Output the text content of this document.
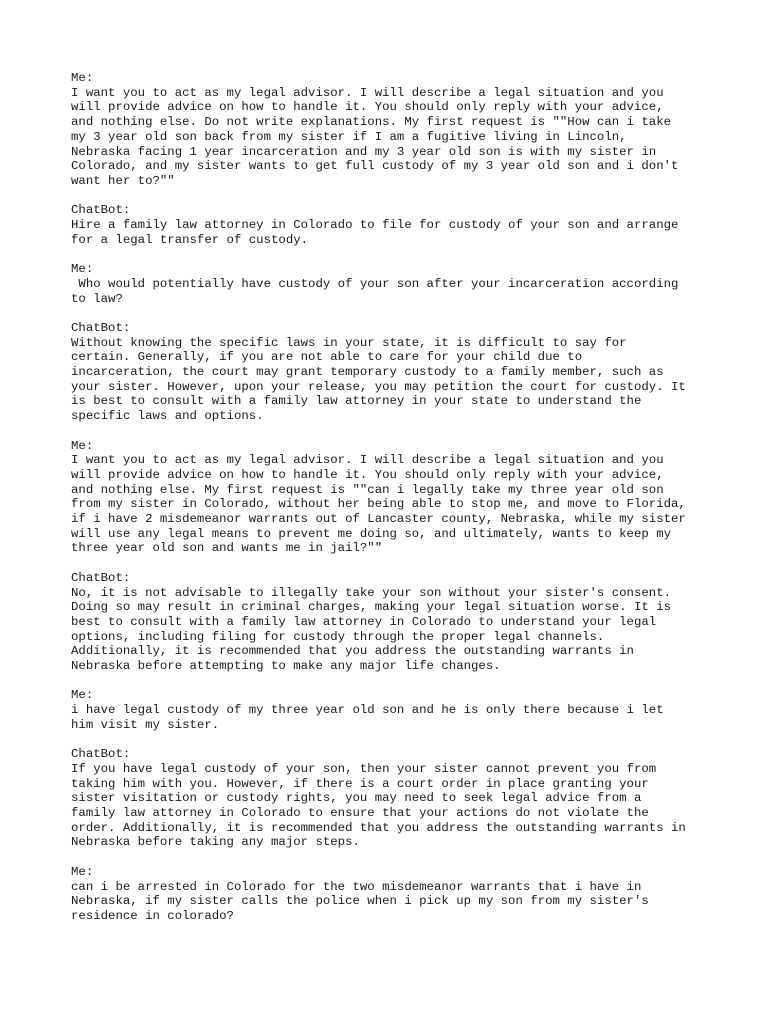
Me:
I want you to act as my legal advisor. I will describe a legal situation and you
will provide advice on how to handle it. You should only reply with your advice,
and nothing else. Do not write explanations. My first request is ""How can i take
my 3 year old son back from my sister if I am a fugitive living in Lincoln,
Nebraska facing 1 year incarceration and my 3 year old son is with my sister in
Colorado, and my sister wants to get full custody of my 3 year old son and i don't
want her to?""
ChatBot:
Hire a family law attorney in Colorado to file for custody of your son and arrange
for a legal transfer of custody.
Me:
Who would potentially have custody of your son after your incarceration according
to law?
ChatBot:
Without knowing the specific laws in your state, it is difficult to say for
certain. Generally, if you are not able to care for your child due to
incarceration, the court may grant temporary custody to a family member, such as
your sister. However, upon your release, you may petition the court for custody. It
is best to consult with a family law attorney in your state to understand the
specific laws and options.
Me:
I want you to act as my legal advisor. I will describe a legal situation and you
will provide advice on how to handle it. You should only reply with your advice,
and nothing else. My first request is ""can i legally take my three year old son
from my sister in Colorado, without her being able to stop me, and move to Florida,
if i have 2 misdemeanor warrants out of Lancaster county, Nebraska, while my sister
will use any legal means to prevent me doing so, and ultimately, wants to keep my
three year old son and wants me in jail?""
ChatBot:
No, it is not advisable to illegally take your son without your sister's consent.
Doing so may result in criminal charges, making your legal situation worse. It is
best to consult with a family law attorney in Colorado to understand your legal
options, including filing for custody through the proper legal channels.
Additionally, it is recommended that you address the outstanding warrants in
Nebraska before attempting to make any major life changes.
Me:
i have legal custody of my three year old son and he is only there because i let
him visit my sister.
ChatBot:
If you have legal custody of your son, then your sister cannot prevent you from
taking him with you. However, if there is a court order in place granting your
sister visitation or custody rights, you may need to seek legal advice from a
family law attorney in Colorado to ensure that your actions do not violate the
order. Additionally, it is recommended that you address the outstanding warrants in
Nebraska before taking any major steps.
Me:
can i be arrested in Colorado for the two misdemeanor warrants that i have in
Nebraska, if my sister calls the police when i pick up my son from my sister's
residence in colorado?
